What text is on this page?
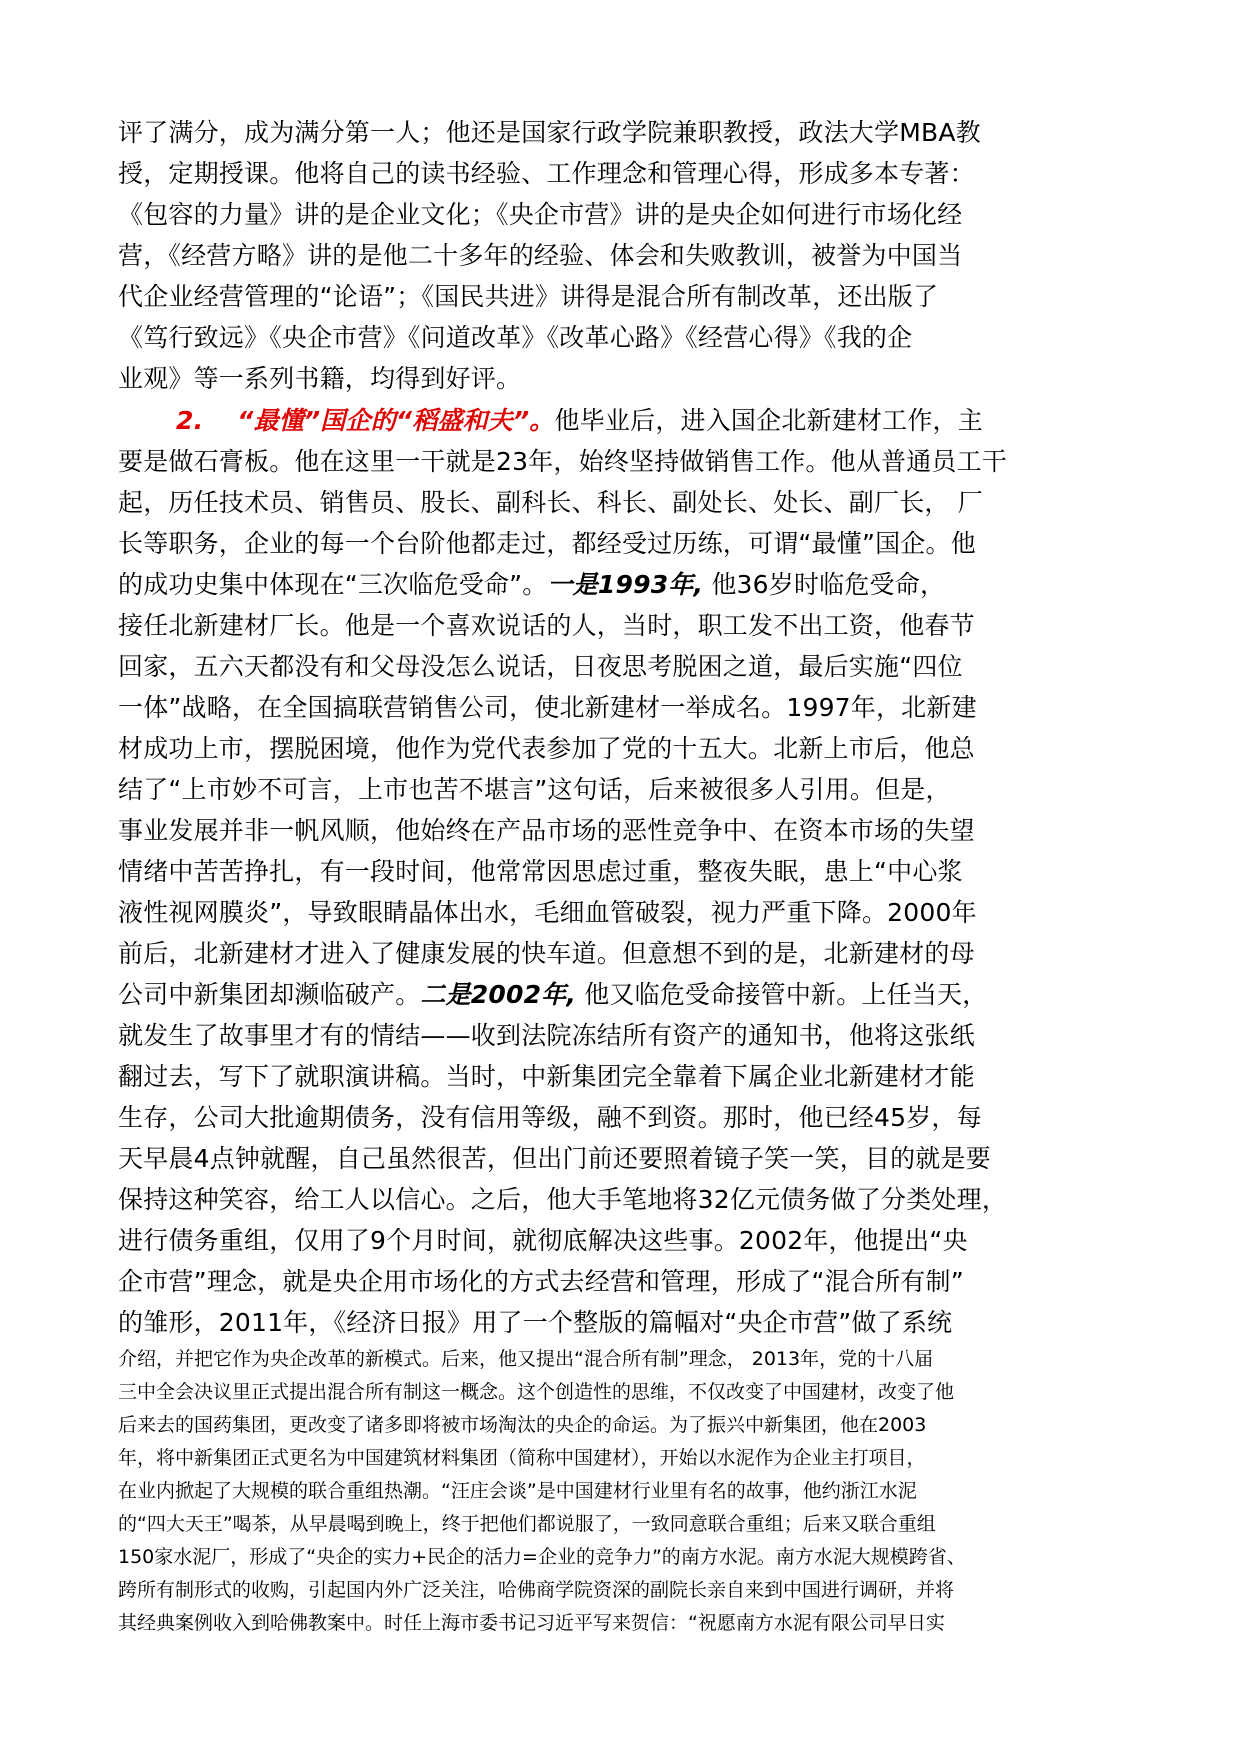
评了满分，成为满分第一人；他还是国家行政学院兼职教授，政法大学MBA教
授，定期授课。他将自己的读书经验、工作理念和管理心得，形成多本专著：
《包容的力量》讲的是企业文化；《央企市营》讲的是央企如何进行市场化经
营，《经营方略》讲的是他二十多年的经验、体会和失败教训，被誉为中国当
代企业经营管理的“论语”；《国民共进》讲得是混合所有制改革，还出版了
《笃行致远》《央企市营》《问道改革》《改革心路》《经营心得》《我的企
业观》等一系列书籍，均得到好评。
2. “最懂”国企的“稻盛和夫”。他毕业后，进入国企北新建材工作，主
要是做石膏板。他在这里一干就是23年，始终坚持做销售工作。他从普通员工干
起，历任技术员、销售员、股长、副科长、科长、副处长、处长、副厂长， 厂
长等职务，企业的每一个台阶他都走过，都经受过历练，可谓“最懂”国企。他
的成功史集中体现在“三次临危受命”。一是1993年, 他36岁时临危受命，
接任北新建材厂长。他是一个喜欢说话的人，当时，职工发不出工资，他春节
回家，五六天都没有和父母没怎么说话，日夜思考脱困之道，最后实施“四位
一体”战略，在全国搞联营销售公司，使北新建材一举成名。1997年，北新建
材成功上市，摆脱困境，他作为党代表参加了党的十五大。北新上市后，他总
结了“上市妙不可言，上市也苦不堪言”这句话，后来被很多人引用。但是，
事业发展并非一帆风顺，他始终在产品市场的恶性竞争中、在资本市场的失望
情绪中苦苦挣扎，有一段时间，他常常因思虑过重，整夜失眠，患上“中心浆
液性视网膜炎”，导致眼睛晶体出水，毛细血管破裂，视力严重下降。2000年
前后，北新建材才进入了健康发展的快车道。但意想不到的是，北新建材的母
公司中新集团却濒临破产。二是2002年, 他又临危受命接管中新。上任当天，
就发生了故事里才有的情结——收到法院冻结所有资产的通知书，他将这张纸
翻过去，写下了就职演讲稿。当时，中新集团完全靠着下属企业北新建材才能
生存，公司大批逾期债务，没有信用等级，融不到资。那时，他已经45岁，每
天早晨4点钟就醒，自己虽然很苦，但出门前还要照着镜子笑一笑，目的就是要
保持这种笑容，给工人以信心。之后，他大手笔地将32亿元债务做了分类处理，
进行债务重组，仅用了9个月时间，就彻底解决这些事。2002年，他提出“央
企市营”理念，就是央企用市场化的方式去经营和管理，形成了“混合所有制”
的雏形，2011年，《经济日报》用了一个整版的篇幅对“央企市营”做了系统
介绍，并把它作为央企改革的新模式。后来，他又提出“混合所有制”理念， 2013年，党的十八届
三中全会决议里正式提出混合所有制这一概念。这个创造性的思维，不仅改变了中国建材，改变了他
后来去的国药集团，更改变了诸多即将被市场淘汰的央企的命运。为了振兴中新集团，他在2003
年，将中新集团正式更名为中国建筑材料集团（简称中国建材），开始以水泥作为企业主打项目，
在业内掀起了大规模的联合重组热潮。“汪庄会谈”是中国建材行业里有名的故事，他约浙江水泥
的“四大天王”喝茶，从早晨喝到晚上，终于把他们都说服了，一致同意联合重组；后来又联合重组
150家水泥厂，形成了“央企的实力+民企的活力=企业的竞争力”的南方水泥。南方水泥大规模跨省、
跨所有制形式的收购，引起国内外广泛关注，哈佛商学院资深的副院长亲自来到中国进行调研，并将
其经典案例收入到哈佛教案中。时任上海市委书记习近平写来贺信：“祝愿南方水泥有限公司早日实
